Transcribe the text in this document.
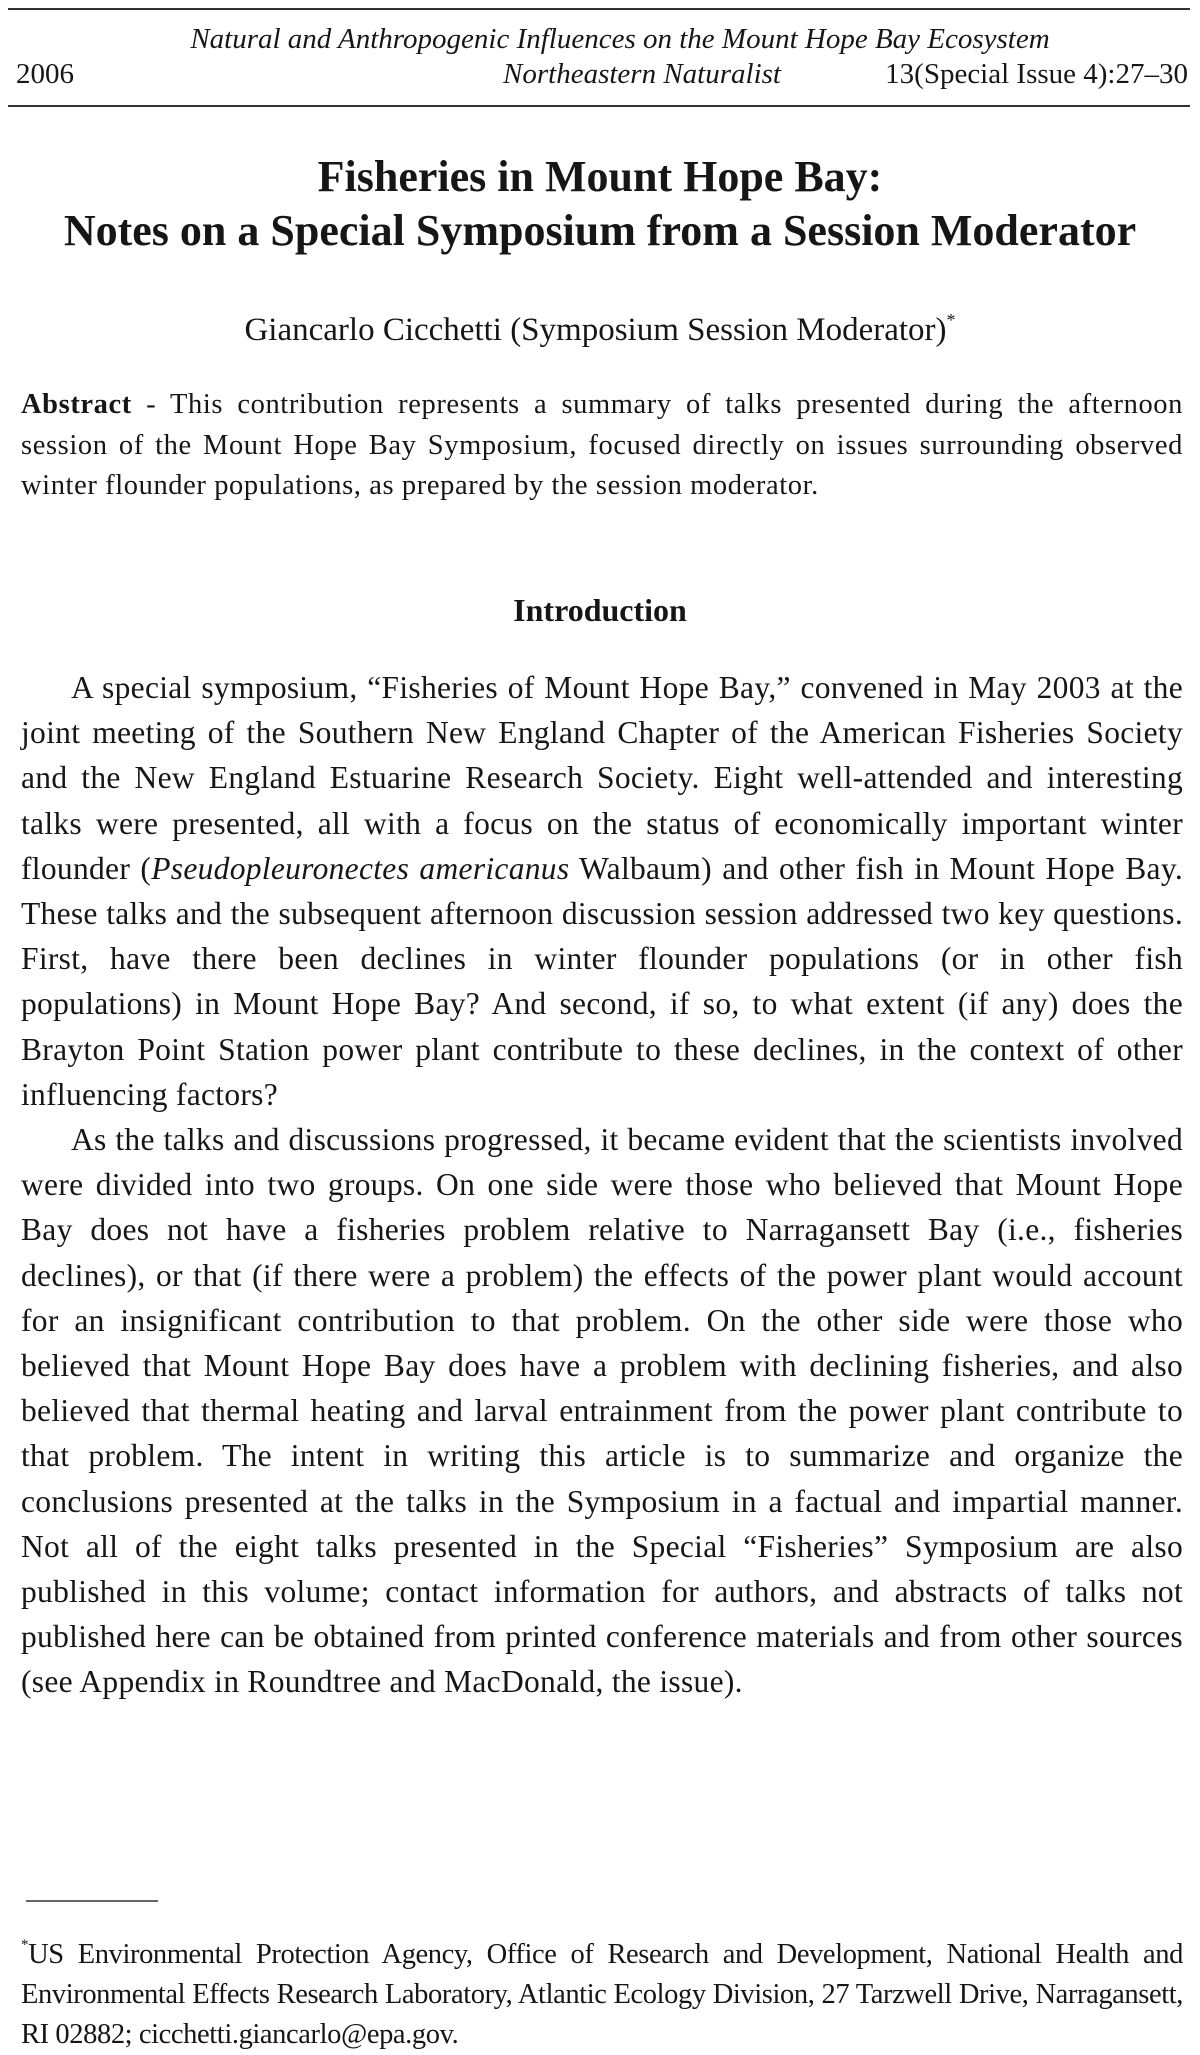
Natural and Anthropogenic Influences on the Mount Hope Bay Ecosystem
2006	Northeastern Naturalist	13(Special Issue 4):27–30
Fisheries in Mount Hope Bay:
Notes on a Special Symposium from a Session Moderator
Giancarlo Cicchetti (Symposium Session Moderator)*
Abstract - This contribution represents a summary of talks presented during the afternoon session of the Mount Hope Bay Symposium, focused directly on issues surrounding observed winter flounder populations, as prepared by the session moderator.
Introduction

A special symposium, “Fisheries of Mount Hope Bay,” convened in May 2003 at the joint meeting of the Southern New England Chapter of the American Fisheries Society and the New England Estuarine Research Society. Eight well-attended and interesting talks were presented, all with a focus on the status of economically important winter flounder (Pseudopleuronectes americanus Walbaum) and other fish in Mount Hope Bay. These talks and the subsequent afternoon discussion session addressed two key questions. First, have there been declines in winter flounder populations (or in other fish populations) in Mount Hope Bay? And second, if so, to what extent (if any) does the Brayton Point Station power plant contribute to these declines, in the context of other influencing factors?

As the talks and discussions progressed, it became evident that the scientists involved were divided into two groups. On one side were those who believed that Mount Hope Bay does not have a fisheries problem relative to Narragansett Bay (i.e., fisheries declines), or that (if there were a problem) the effects of the power plant would account for an insignificant contribution to that problem. On the other side were those who believed that Mount Hope Bay does have a problem with declining fisheries, and also believed that thermal heating and larval entrainment from the power plant contribute to that problem. The intent in writing this article is to summarize and organize the conclusions presented at the talks in the Symposium in a factual and impartial manner. Not all of the eight talks presented in the Special “Fisheries” Symposium are also published in this volume; contact information for authors, and abstracts of talks not published here can be obtained from printed conference materials and from other sources (see Appendix in Roundtree and MacDonald, the issue).

*US Environmental Protection Agency, Office of Research and Development, National Health and Environmental Effects Research Laboratory, Atlantic Ecology Division, 27 Tarzwell Drive, Narragansett, RI 02882; cicchetti.giancarlo@epa.gov.
